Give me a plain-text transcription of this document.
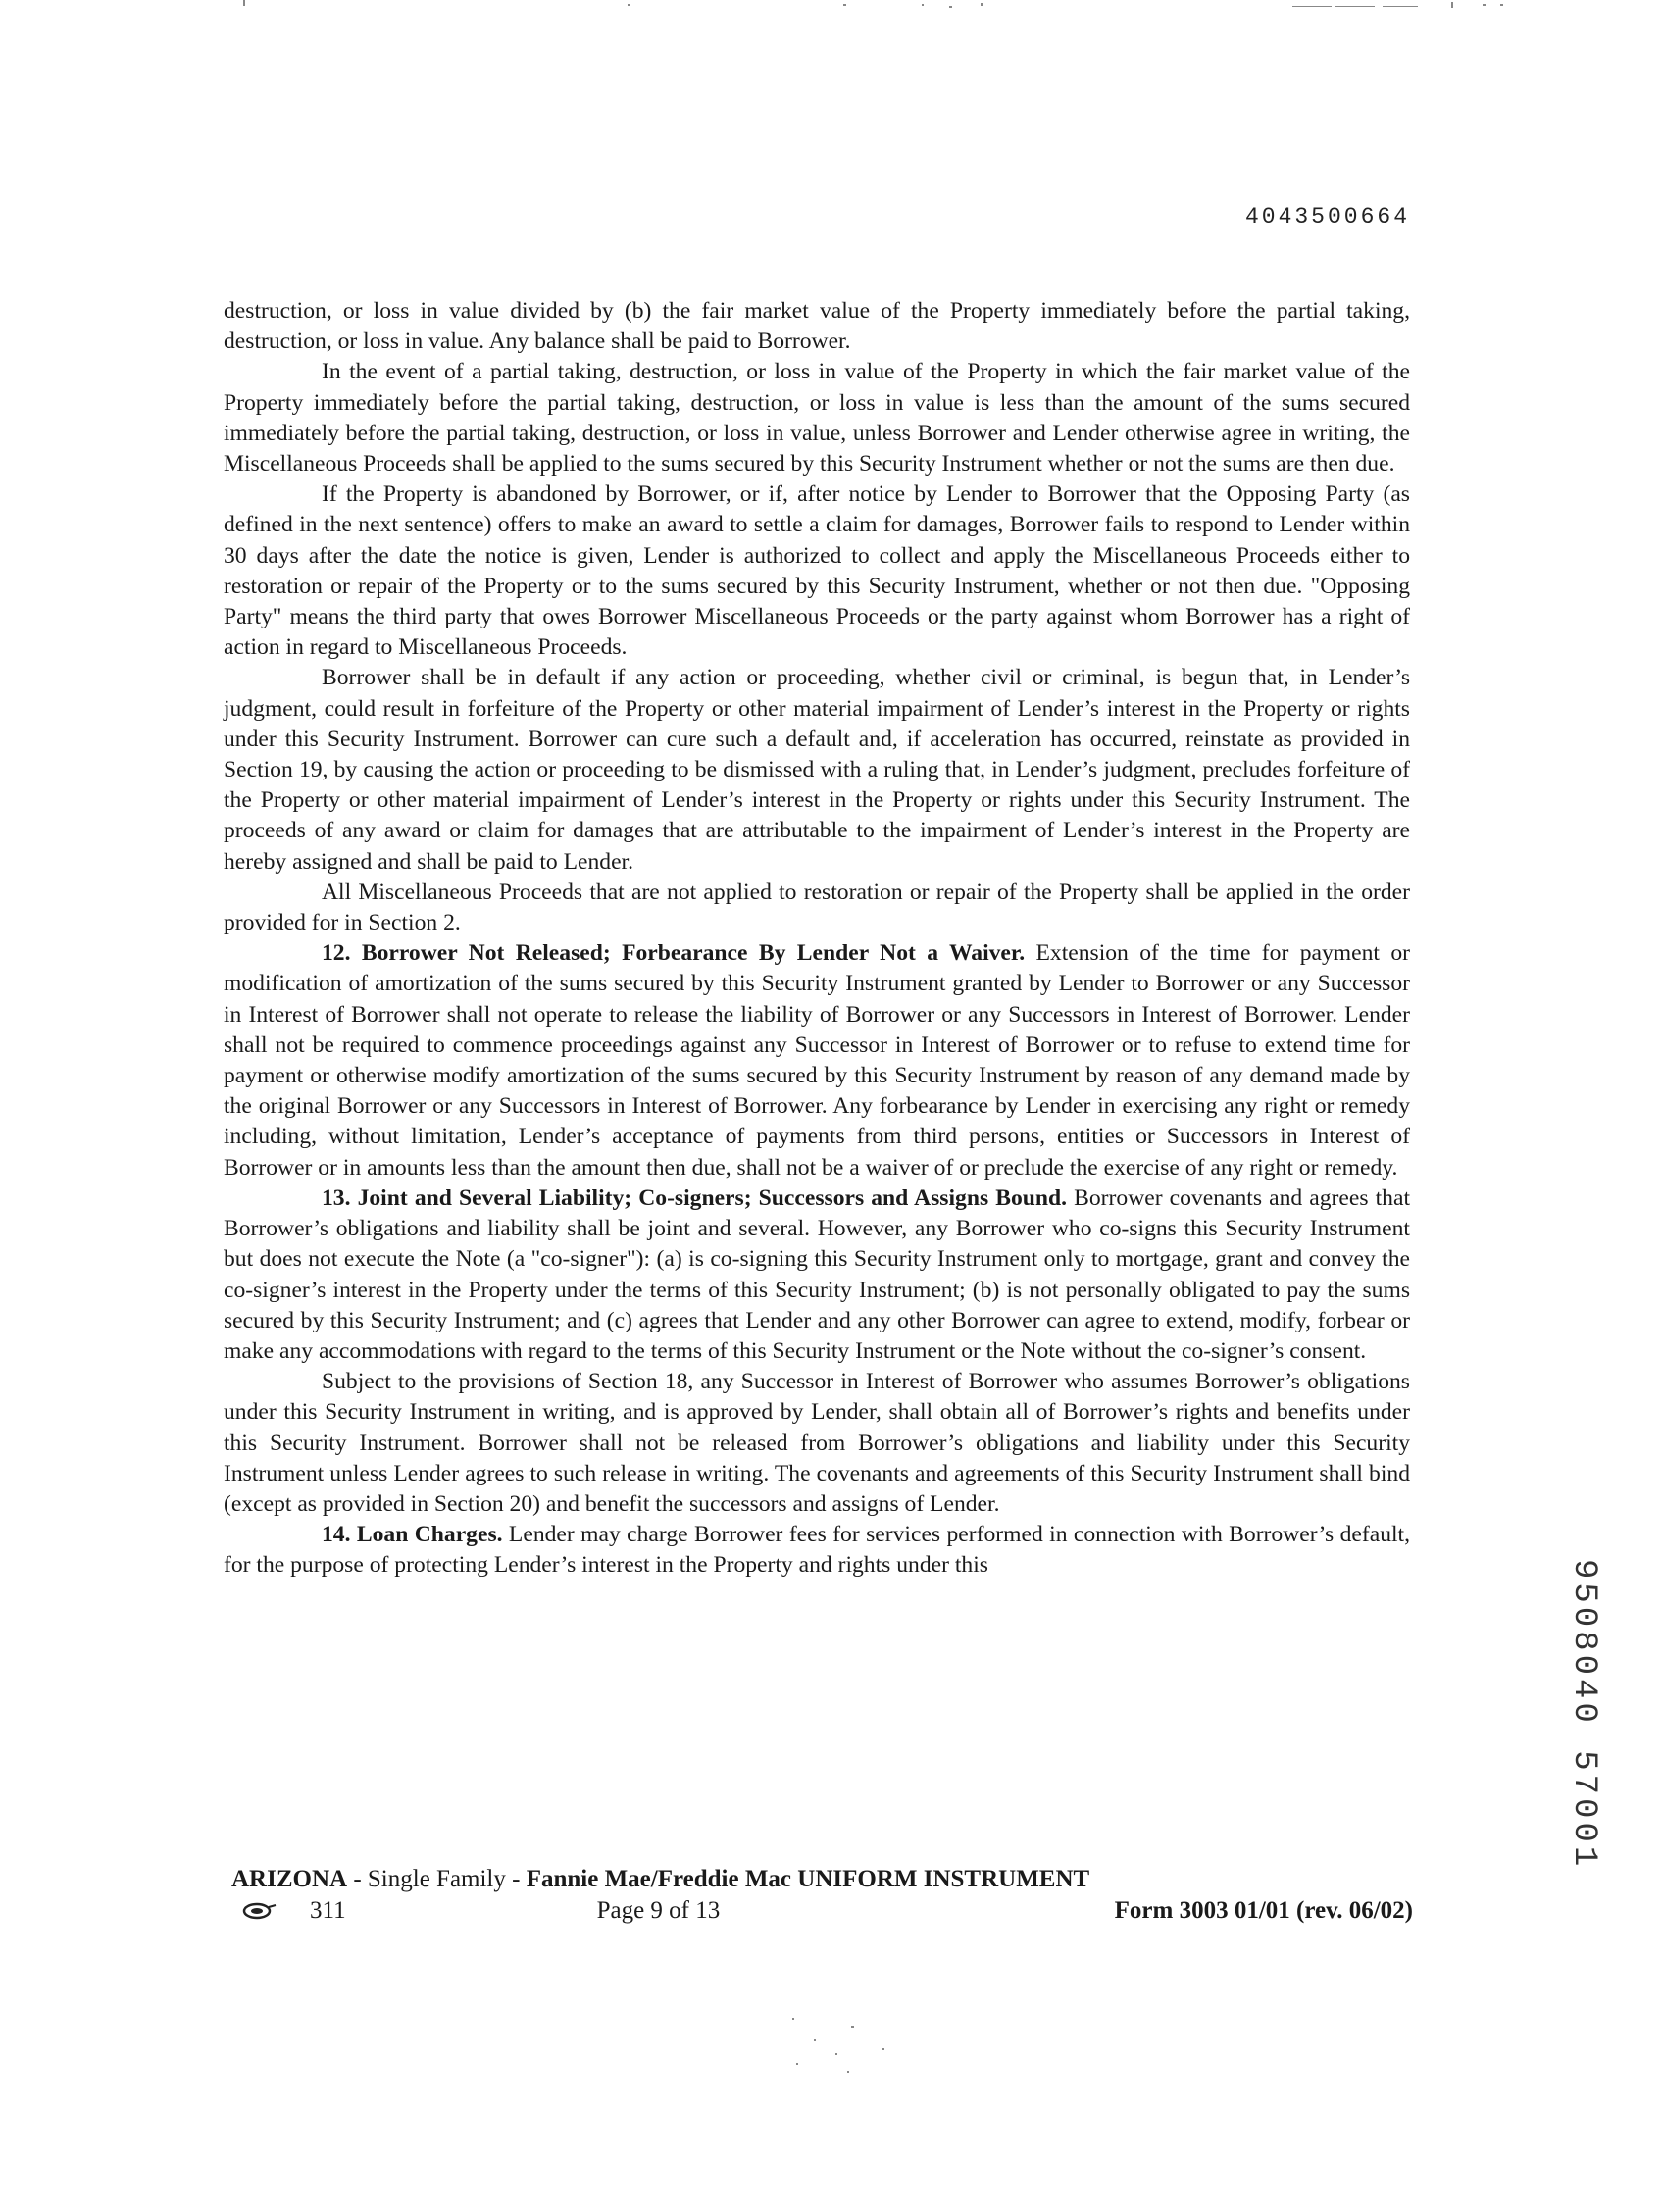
4043500664

destruction, or loss in value divided by (b) the fair market value of the Property immediately before the partial taking, destruction, or loss in value. Any balance shall be paid to Borrower.

In the event of a partial taking, destruction, or loss in value of the Property in which the fair market value of the Property immediately before the partial taking, destruction, or loss in value is less than the amount of the sums secured immediately before the partial taking, destruction, or loss in value, unless Borrower and Lender otherwise agree in writing, the Miscellaneous Proceeds shall be applied to the sums secured by this Security Instrument whether or not the sums are then due.

If the Property is abandoned by Borrower, or if, after notice by Lender to Borrower that the Opposing Party (as defined in the next sentence) offers to make an award to settle a claim for damages, Borrower fails to respond to Lender within 30 days after the date the notice is given, Lender is authorized to collect and apply the Miscellaneous Proceeds either to restoration or repair of the Property or to the sums secured by this Security Instrument, whether or not then due. "Opposing Party" means the third party that owes Borrower Miscellaneous Proceeds or the party against whom Borrower has a right of action in regard to Miscellaneous Proceeds.

Borrower shall be in default if any action or proceeding, whether civil or criminal, is begun that, in Lender’s judgment, could result in forfeiture of the Property or other material impairment of Lender’s interest in the Property or rights under this Security Instrument. Borrower can cure such a default and, if acceleration has occurred, reinstate as provided in Section 19, by causing the action or proceeding to be dismissed with a ruling that, in Lender’s judgment, precludes forfeiture of the Property or other material impairment of Lender’s interest in the Property or rights under this Security Instrument. The proceeds of any award or claim for damages that are attributable to the impairment of Lender’s interest in the Property are hereby assigned and shall be paid to Lender.

All Miscellaneous Proceeds that are not applied to restoration or repair of the Property shall be applied in the order provided for in Section 2.

12. Borrower Not Released; Forbearance By Lender Not a Waiver. Extension of the time for payment or modification of amortization of the sums secured by this Security Instrument granted by Lender to Borrower or any Successor in Interest of Borrower shall not operate to release the liability of Borrower or any Successors in Interest of Borrower. Lender shall not be required to commence proceedings against any Successor in Interest of Borrower or to refuse to extend time for payment or otherwise modify amortization of the sums secured by this Security Instrument by reason of any demand made by the original Borrower or any Successors in Interest of Borrower. Any forbearance by Lender in exercising any right or remedy including, without limitation, Lender’s acceptance of payments from third persons, entities or Successors in Interest of Borrower or in amounts less than the amount then due, shall not be a waiver of or preclude the exercise of any right or remedy.

13. Joint and Several Liability; Co-signers; Successors and Assigns Bound. Borrower covenants and agrees that Borrower’s obligations and liability shall be joint and several. However, any Borrower who co-signs this Security Instrument but does not execute the Note (a "co-signer"): (a) is co-signing this Security Instrument only to mortgage, grant and convey the co-signer’s interest in the Property under the terms of this Security Instrument; (b) is not personally obligated to pay the sums secured by this Security Instrument; and (c) agrees that Lender and any other Borrower can agree to extend, modify, forbear or make any accommodations with regard to the terms of this Security Instrument or the Note without the co-signer’s consent.

Subject to the provisions of Section 18, any Successor in Interest of Borrower who assumes Borrower’s obligations under this Security Instrument in writing, and is approved by Lender, shall obtain all of Borrower’s rights and benefits under this Security Instrument. Borrower shall not be released from Borrower’s obligations and liability under this Security Instrument unless Lender agrees to such release in writing. The covenants and agreements of this Security Instrument shall bind (except as provided in Section 20) and benefit the successors and assigns of Lender.

14. Loan Charges. Lender may charge Borrower fees for services performed in connection with Borrower’s default, for the purpose of protecting Lender’s interest in the Property and rights under this

ARIZONA - Single Family - Fannie Mae/Freddie Mac UNIFORM INSTRUMENT
311	Page 9 of 13	Form 3003 01/01 (rev. 06/02)
9508040 57001
